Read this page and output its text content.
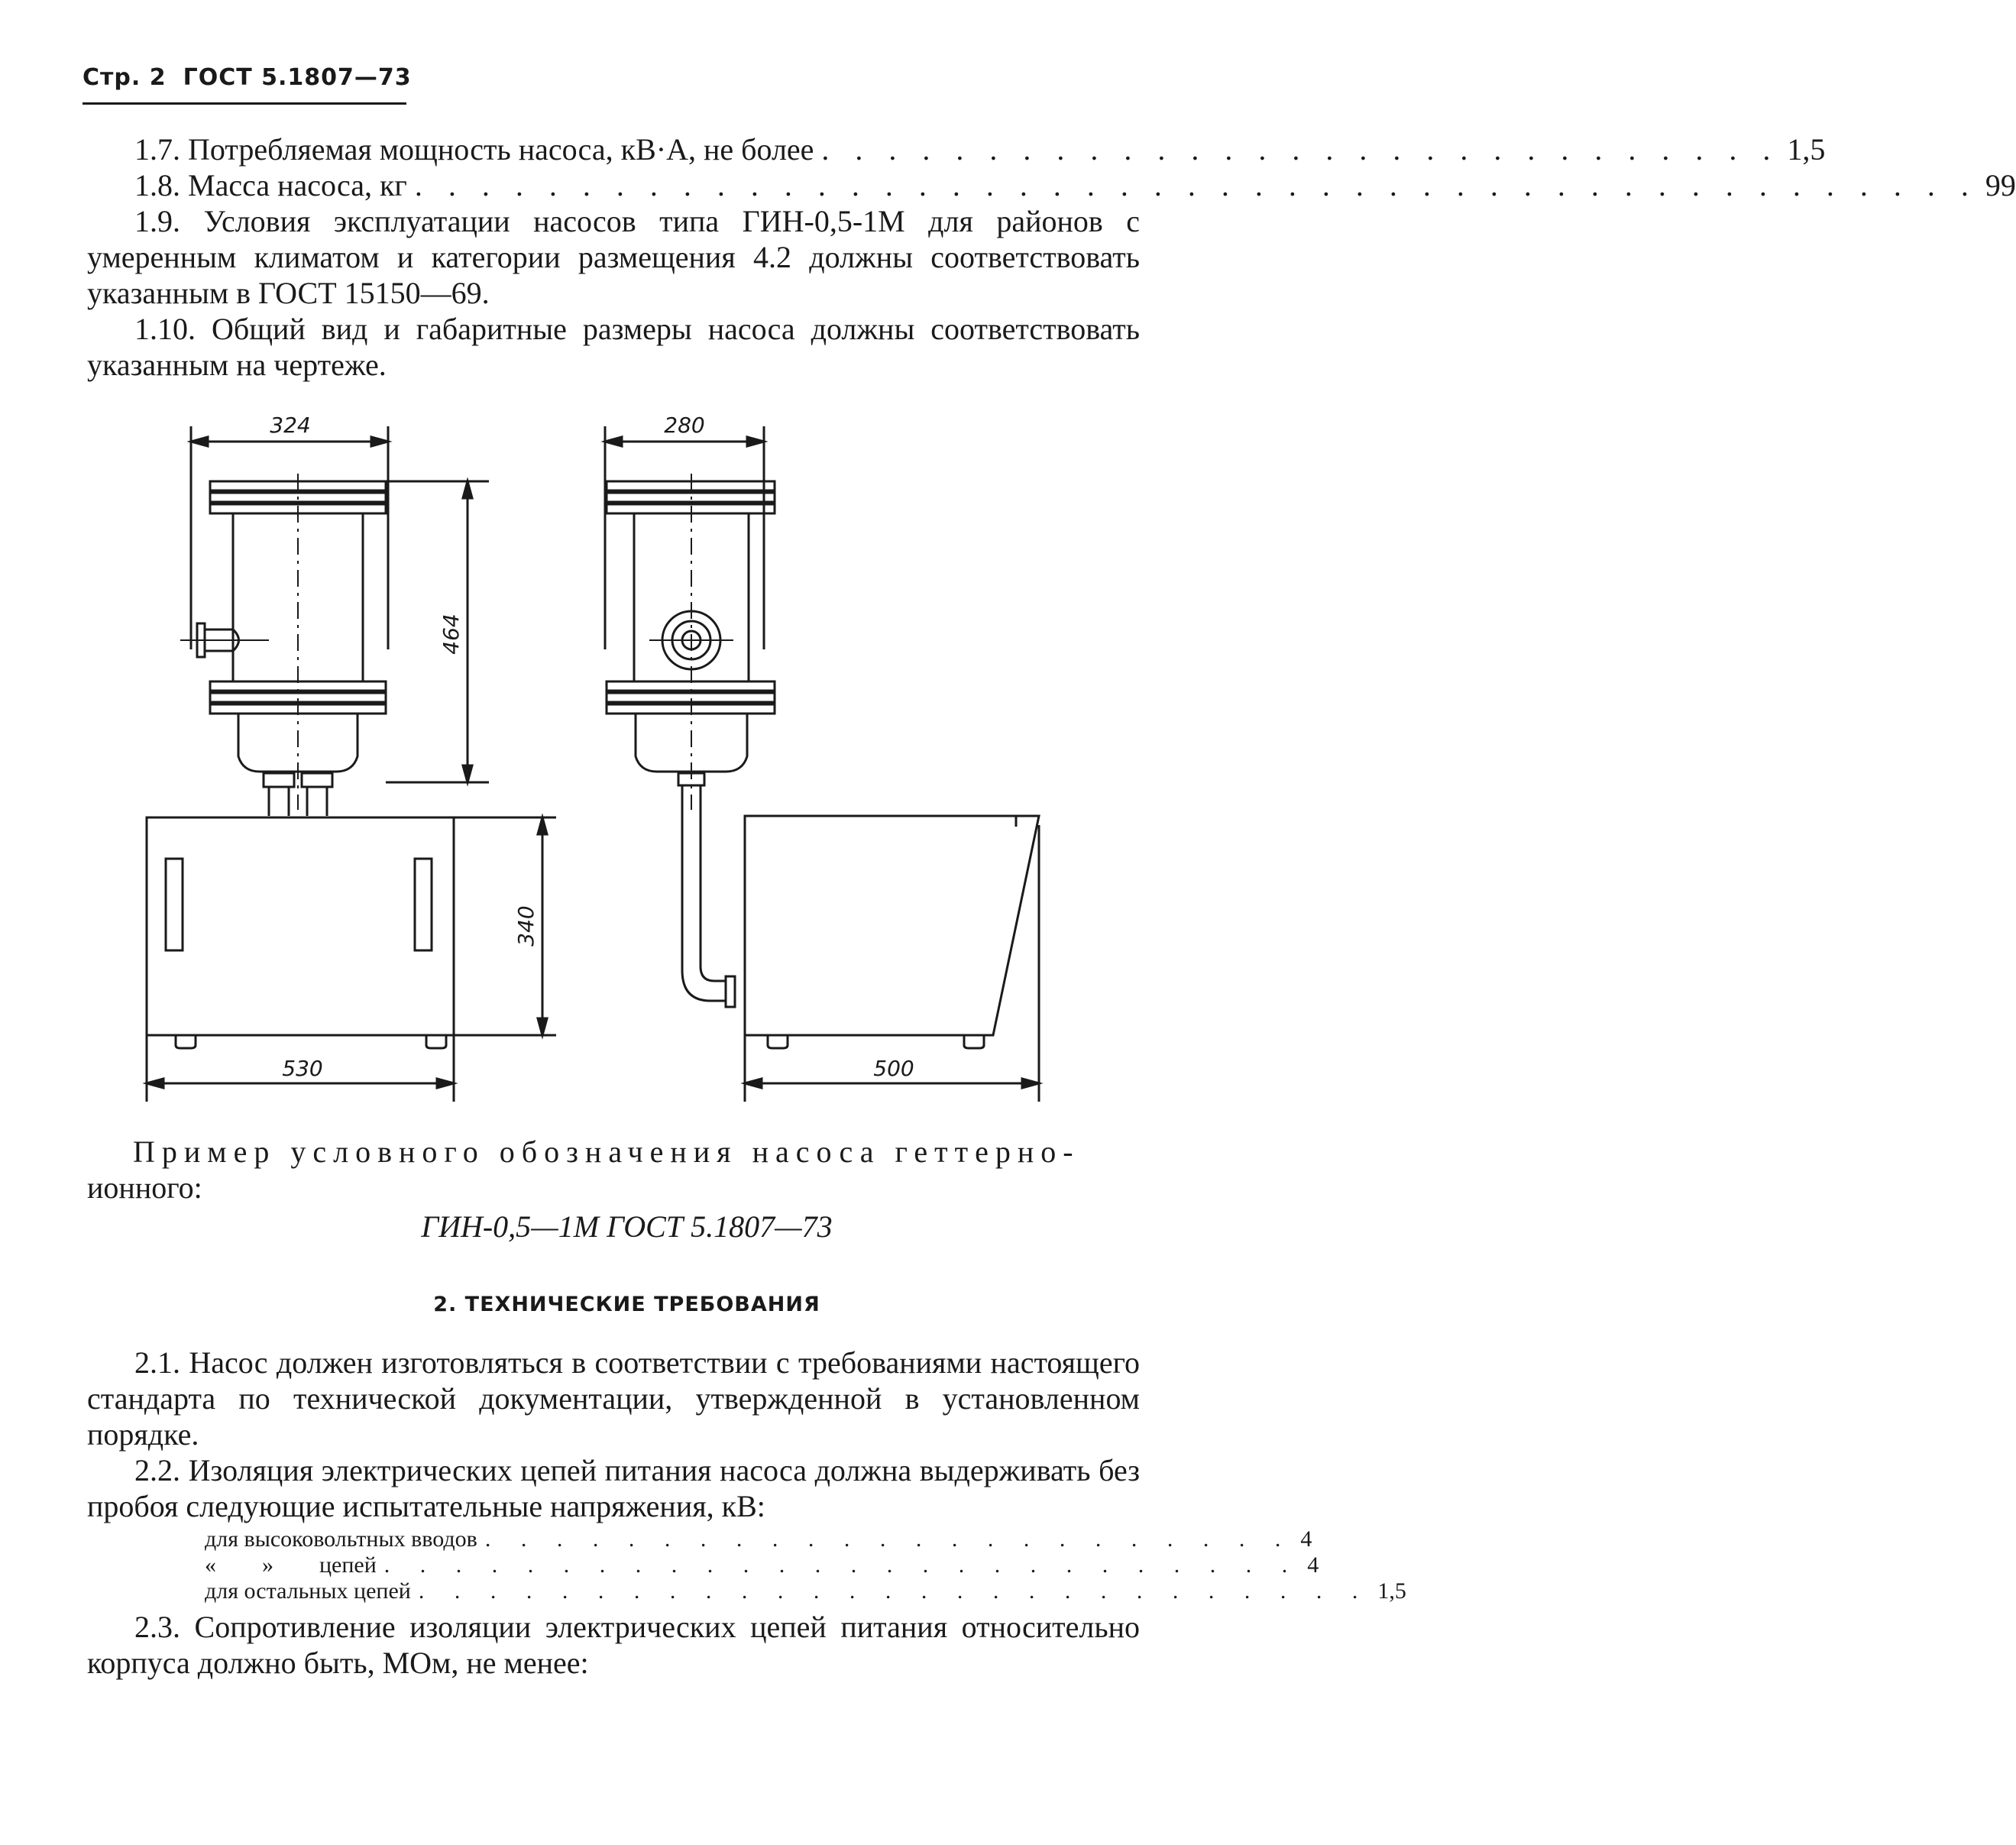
Стр. 2 ГОСТ 5.1807—73
1.7. Потребляемая мощность насоса, кВ·А, не более . . . . . . . . . . . . . . . . . . . . . . . . . . . . . 1,5
1.8. Масса насоса, кг . . . . . . . . . . . . . . . . . . . . . . . . . . . . . . . . . . . . . . . . . . . . . . . 99
1.9. Условия эксплуатации насосов типа ГИН-0,5-1М для районов с умеренным климатом и категории размещения 4.2 должны соответствовать указанным в ГОСТ 15150—69.
1.10. Общий вид и габаритные размеры насоса должны соответствовать указанным на чертеже.
324	280
464
340
530	500
Пример условного обозначения насоса геттерно-
ионного:
ГИН-0,5—1М ГОСТ 5.1807—73
2. ТЕХНИЧЕСКИЕ ТРЕБОВАНИЯ
2.1. Насос должен изготовляться в соответствии с требованиями настоящего стандарта по технической документации, утвержденной в установленном порядке.
2.2. Изоляция электрических цепей питания насоса должна выдерживать без пробоя следующие испытательные напряжения, кВ:
для высоковольтных вводов . . . . . . . . . . . . . . . . . . . . . . . 4
«        »        цепей . . . . . . . . . . . . . . . . . . . . . . . . . . 4
для остальных цепей . . . . . . . . . . . . . . . . . . . . . . . . . . . 1,5
2.3. Сопротивление изоляции электрических цепей питания относительно корпуса должно быть, МОм, не менее:
